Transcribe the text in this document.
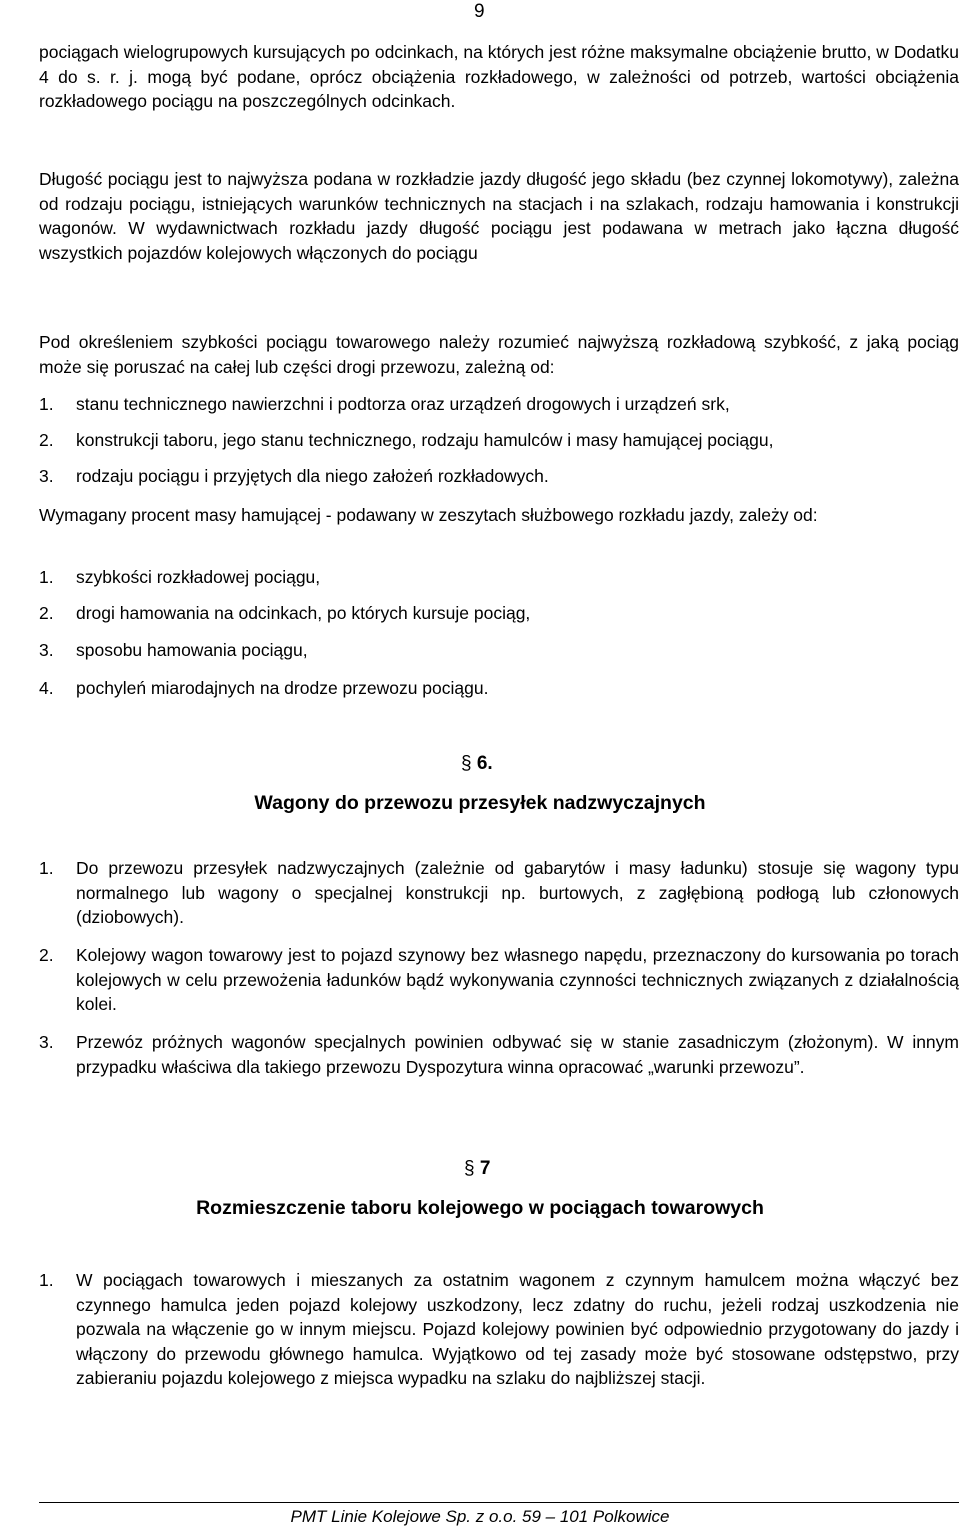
9

pociągach wielogrupowych kursujących po odcinkach, na których jest różne maksymalne obciążenie brutto, w Dodatku 4 do s. r. j. mogą być podane, oprócz obciążenia rozkładowego, w zależności od potrzeb, wartości obciążenia rozkładowego pociągu na poszczególnych odcinkach.

Długość pociągu jest to najwyższa podana w rozkładzie jazdy długość jego składu (bez czynnej lokomotywy), zależna od rodzaju pociągu, istniejących warunków technicznych na stacjach i na szlakach, rodzaju hamowania i konstrukcji wagonów. W wydawnictwach rozkładu jazdy długość pociągu jest podawana w metrach jako łączna długość wszystkich pojazdów kolejowych włączonych do pociągu

Pod określeniem szybkości pociągu towarowego należy rozumieć najwyższą rozkładową szybkość, z jaką pociąg może się poruszać na całej lub części drogi przewozu, zależną od:

1.	stanu technicznego nawierzchni i podtorza oraz urządzeń drogowych i urządzeń srk,
2.	konstrukcji taboru, jego stanu technicznego, rodzaju hamulców i masy hamującej pociągu,
3.	rodzaju pociągu i przyjętych dla niego założeń rozkładowych.

Wymagany procent masy hamującej - podawany w zeszytach służbowego rozkładu jazdy, zależy od:

1.	szybkości rozkładowej pociągu,
2.	drogi hamowania na odcinkach, po których kursuje pociąg,
3.	sposobu hamowania pociągu,
4.	pochyleń miarodajnych na drodze przewozu pociągu.
§ 6.
Wagony do przewozu przesyłek nadzwyczajnych
1.	Do przewozu przesyłek nadzwyczajnych (zależnie od gabarytów i masy ładunku) stosuje się wagony typu normalnego lub wagony o specjalnej konstrukcji np. burtowych, z zagłębioną podłogą lub członowych (dziobowych).
2.	Kolejowy wagon towarowy jest to pojazd szynowy bez własnego napędu, przeznaczony do kursowania po torach kolejowych w celu przewożenia ładunków bądź wykonywania czynności technicznych związanych z działalnością kolei.
3.	Przewóz próżnych wagonów specjalnych powinien odbywać się w stanie zasadniczym (złożonym). W innym przypadku właściwa dla takiego przewozu Dyspozytura winna opracować „warunki przewozu”.
§ 7
Rozmieszczenie taboru kolejowego w pociągach towarowych
1.	W pociągach towarowych i mieszanych za ostatnim wagonem z czynnym hamulcem można włączyć bez czynnego hamulca jeden pojazd kolejowy uszkodzony, lecz zdatny do ruchu, jeżeli rodzaj uszkodzenia nie pozwala na włączenie go w innym miejscu. Pojazd kolejowy powinien być odpowiednio przygotowany do jazdy i włączony do przewodu głównego hamulca. Wyjątkowo od tej zasady może być stosowane odstępstwo, przy zabieraniu pojazdu kolejowego z miejsca wypadku na szlaku do najbliższej stacji.
PMT Linie Kolejowe Sp. z o.o. 59 – 101 Polkowice
